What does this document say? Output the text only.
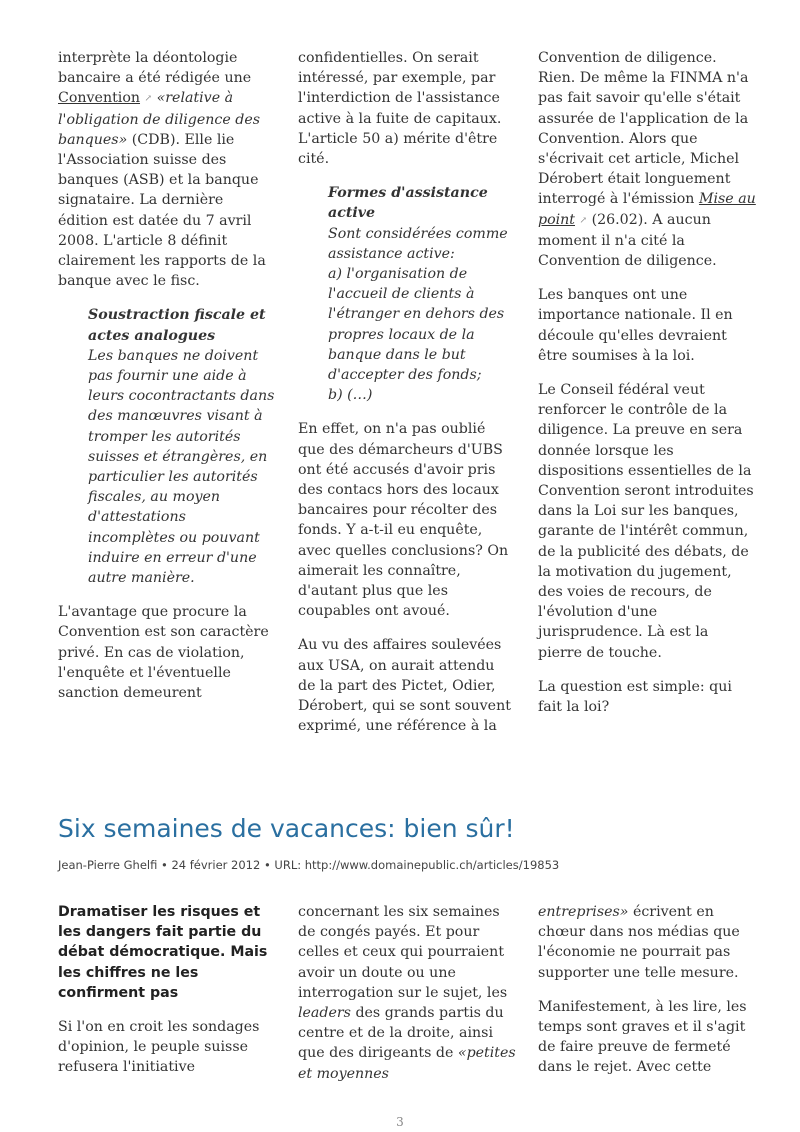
interprète la déontologie bancaire a été rédigée une Convention ↗ «relative à l'obligation de diligence des banques» (CDB). Elle lie l'Association suisse des banques (ASB) et la banque signataire. La dernière édition est datée du 7 avril 2008. L'article 8 définit clairement les rapports de la banque avec le fisc.

Soustraction fiscale et actes analogues
Les banques ne doivent pas fournir une aide à leurs cocontractants dans des manœuvres visant à tromper les autorités suisses et étrangères, en particulier les autorités fiscales, au moyen d'attestations incomplètes ou pouvant induire en erreur d'une autre manière.

L'avantage que procure la Convention est son caractère privé. En cas de violation, l'enquête et l'éventuelle sanction demeurent

confidentielles. On serait intéressé, par exemple, par l'interdiction de l'assistance active à la fuite de capitaux. L'article 50 a) mérite d'être cité.

Formes d'assistance active
Sont considérées comme assistance active:
a) l'organisation de l'accueil de clients à l'étranger en dehors des propres locaux de la banque dans le but d'accepter des fonds;
b) (…)

En effet, on n'a pas oublié que des démarcheurs d'UBS ont été accusés d'avoir pris des contacs hors des locaux bancaires pour récolter des fonds. Y a-t-il eu enquête, avec quelles conclusions? On aimerait les connaître, d'autant plus que les coupables ont avoué.

Au vu des affaires soulevées aux USA, on aurait attendu de la part des Pictet, Odier, Dérobert, qui se sont souvent exprimé, une référence à la

Convention de diligence. Rien. De même la FINMA n'a pas fait savoir qu'elle s'était assurée de l'application de la Convention. Alors que s'écrivait cet article, Michel Dérobert était longuement interrogé à l'émission Mise au point ↗ (26.02). A aucun moment il n'a cité la Convention de diligence.

Les banques ont une importance nationale. Il en découle qu'elles devraient être soumises à la loi.

Le Conseil fédéral veut renforcer le contrôle de la diligence. La preuve en sera donnée lorsque les dispositions essentielles de la Convention seront introduites dans la Loi sur les banques, garante de l'intérêt commun, de la publicité des débats, de la motivation du jugement, des voies de recours, de l'évolution d'une jurisprudence. Là est la pierre de touche.

La question est simple: qui fait la loi?

Six semaines de vacances: bien sûr!
Jean-Pierre Ghelfi • 24 février 2012 • URL: http://www.domainepublic.ch/articles/19853
Dramatiser les risques et les dangers fait partie du débat démocratique. Mais les chiffres ne les confirment pas

Si l'on en croit les sondages d'opinion, le peuple suisse refusera l'initiative

concernant les six semaines de congés payés. Et pour celles et ceux qui pourraient avoir un doute ou une interrogation sur le sujet, les leaders des grands partis du centre et de la droite, ainsi que des dirigeants de «petites et moyennes

entreprises» écrivent en chœur dans nos médias que l'économie ne pourrait pas supporter une telle mesure.

Manifestement, à les lire, les temps sont graves et il s'agit de faire preuve de fermeté dans le rejet. Avec cette

3
